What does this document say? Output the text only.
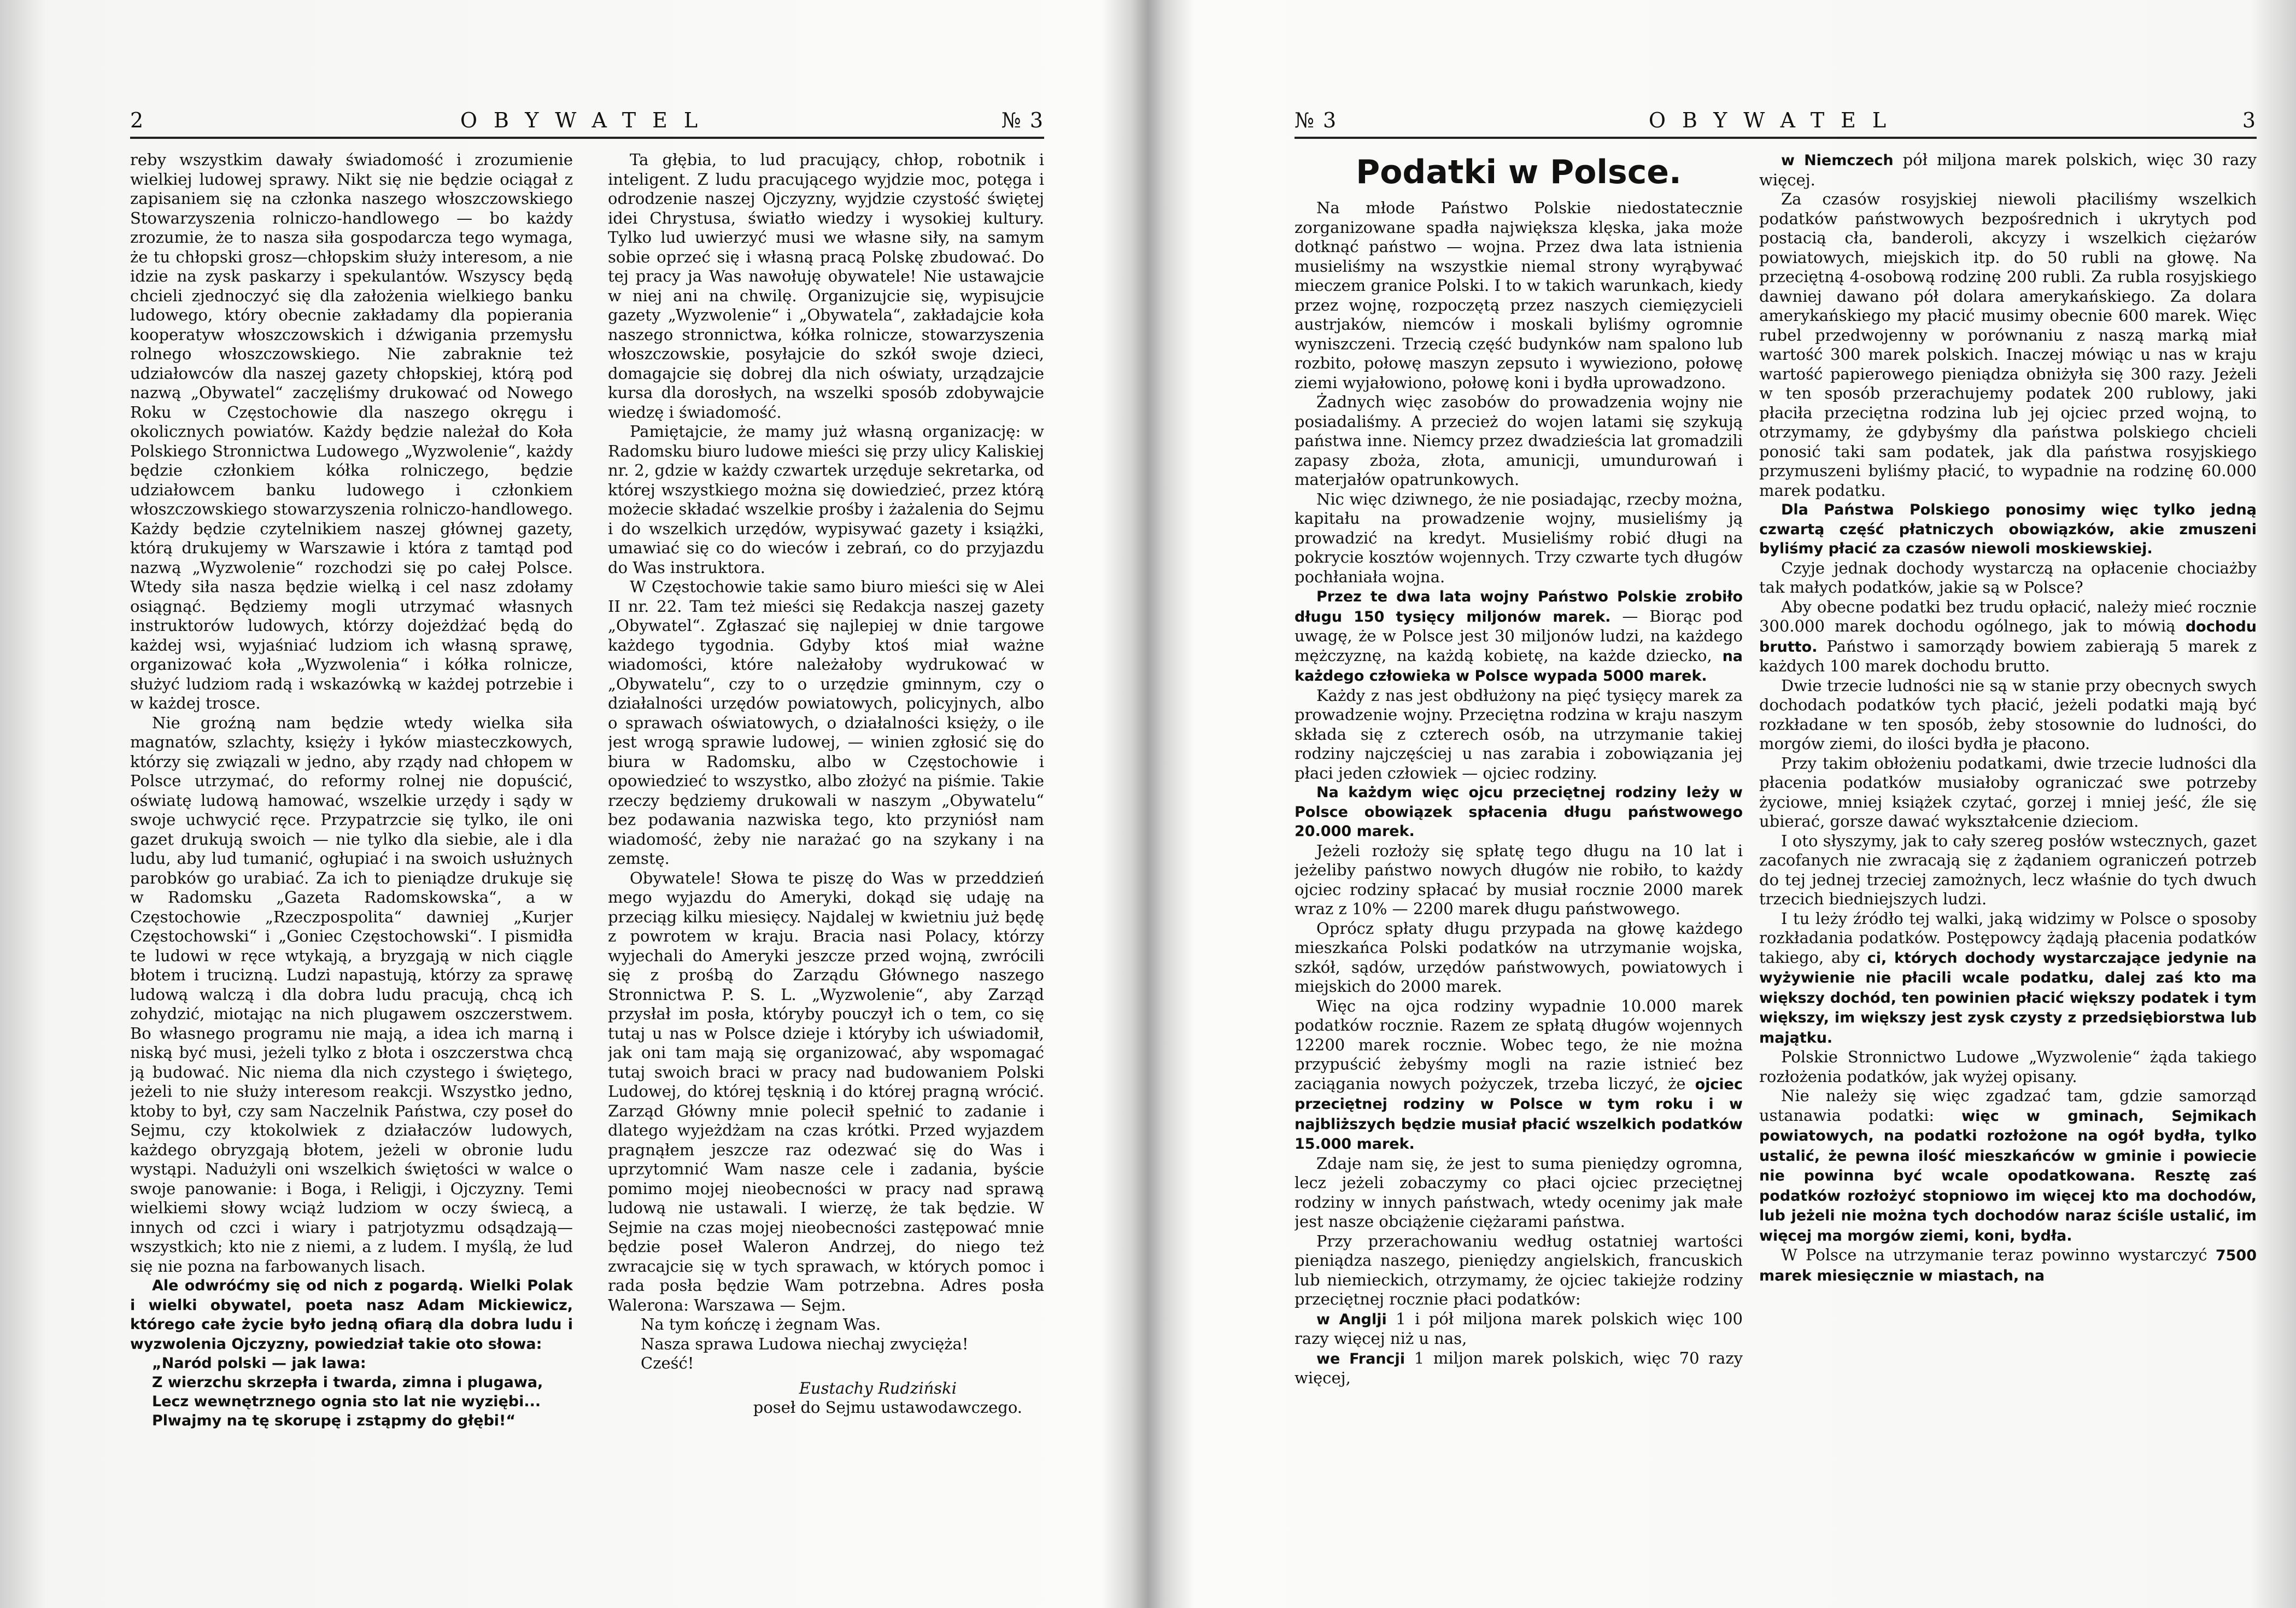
2	OBYWATEL	№ 3

reby wszystkim dawały świadomość i zrozumienie wielkiej ludowej sprawy. Nikt się nie będzie ociągał z zapisaniem się na członka naszego włoszczowskiego Stowarzyszenia rolniczo-handlowego — bo każdy zrozumie, że to nasza siła gospodarcza tego wymaga, że tu chłopski grosz—chłopskim służy interesom, a nie idzie na zysk paskarzy i spekulantów. Wszyscy będą chcieli zjednoczyć się dla założenia wielkiego banku ludowego, który obecnie zakładamy dla popierania kooperatyw włoszczowskich i dźwigania przemysłu rolnego włoszczowskiego. Nie zabraknie też udziałowców dla naszej gazety chłopskiej, którą pod nazwą „Obywatel“ zaczęliśmy drukować od Nowego Roku w Częstochowie dla naszego okręgu i okolicznych powiatów. Każdy będzie należał do Koła Polskiego Stronnictwa Ludowego „Wyzwolenie“, każdy będzie członkiem kółka rolniczego, będzie udziałowcem banku ludowego i członkiem włoszczowskiego stowarzyszenia rolniczo-handlowego. Każdy będzie czytelnikiem naszej głównej gazety, którą drukujemy w Warszawie i która z tamtąd pod nazwą „Wyzwolenie“ rozchodzi się po całej Polsce. Wtedy siła nasza będzie wielką i cel nasz zdołamy osiągnąć. Będziemy mogli utrzymać własnych instruktorów ludowych, którzy dojeżdżać będą do każdej wsi, wyjaśniać ludziom ich własną sprawę, organizować koła „Wyzwolenia“ i kółka rolnicze, służyć ludziom radą i wskazówką w każdej potrzebie i w każdej trosce.

Nie groźną nam będzie wtedy wielka siła magnatów, szlachty, księży i łyków miasteczkowych, którzy się związali w jedno, aby rządy nad chłopem w Polsce utrzymać, do reformy rolnej nie dopuścić, oświatę ludową hamować, wszelkie urzędy i sądy w swoje uchwycić ręce. Przypatrzcie się tylko, ile oni gazet drukują swoich — nie tylko dla siebie, ale i dla ludu, aby lud tumanić, ogłupiać i na swoich usłużnych parobków go urabiać. Za ich to pieniądze drukuje się w Radomsku „Gazeta Radomskowska“, a w Częstochowie „Rzeczpospolita“ dawniej „Kurjer Częstochowski“ i „Goniec Częstochowski“. I pismidła te ludowi w ręce wtykają, a bryzgają w nich ciągle błotem i trucizną. Ludzi napastują, którzy za sprawę ludową walczą i dla dobra ludu pracują, chcą ich zohydzić, miotając na nich plugawem oszczerstwem. Bo własnego programu nie mają, a idea ich marną i niską być musi, jeżeli tylko z błota i oszczerstwa chcą ją budować. Nic niema dla nich czystego i świętego, jeżeli to nie służy interesom reakcji. Wszystko jedno, ktoby to był, czy sam Naczelnik Państwa, czy poseł do Sejmu, czy ktokolwiek z działaczów ludowych, każdego obryzgają błotem, jeżeli w obronie ludu wystąpi. Nadużyli oni wszelkich świętości w walce o swoje panowanie: i Boga, i Religji, i Ojczyzny. Temi wielkiemi słowy wciąż ludziom w oczy świecą, a innych od czci i wiary i patrjotyzmu odsądzają—wszystkich; kto nie z niemi, a z ludem. I myślą, że lud się nie pozna na farbowanych lisach.

Ale odwróćmy się od nich z pogardą. Wielki Polak i wielki obywatel, poeta nasz Adam Mickiewicz, którego całe życie było jedną ofiarą dla dobra ludu i wyzwolenia Ojczyzny, powiedział takie oto słowa:

„Naród polski — jak lawa:
Z wierzchu skrzepła i twarda, zimna i plugawa,
Lecz wewnętrznego ognia sto lat nie wyziębi...
Plwajmy na tę skorupę i zstąpmy do głębi!“

Ta głębia, to lud pracujący, chłop, robotnik i inteligent. Z ludu pracującego wyjdzie moc, potęga i odrodzenie naszej Ojczyzny, wyjdzie czystość świętej idei Chrystusa, światło wiedzy i wysokiej kultury. Tylko lud uwierzyć musi we własne siły, na samym sobie oprzeć się i własną pracą Polskę zbudować. Do tej pracy ja Was nawołuję obywatele! Nie ustawajcie w niej ani na chwilę. Organizujcie się, wypisujcie gazety „Wyzwolenie“ i „Obywatela“, zakładajcie koła naszego stronnictwa, kółka rolnicze, stowarzyszenia włoszczowskie, posyłajcie do szkół swoje dzieci, domagajcie się dobrej dla nich oświaty, urządzajcie kursa dla dorosłych, na wszelki sposób zdobywajcie wiedzę i świadomość.

Pamiętajcie, że mamy już własną organizację: w Radomsku biuro ludowe mieści się przy ulicy Kaliskiej nr. 2, gdzie w każdy czwartek urzęduje sekretarka, od której wszystkiego można się dowiedzieć, przez którą możecie składać wszelkie prośby i żażalenia do Sejmu i do wszelkich urzędów, wypisywać gazety i książki, umawiać się co do wieców i zebrań, co do przyjazdu do Was instruktora.

W Częstochowie takie samo biuro mieści się w Alei II nr. 22. Tam też mieści się Redakcja naszej gazety „Obywatel“. Zgłaszać się najlepiej w dnie targowe każdego tygodnia. Gdyby ktoś miał ważne wiadomości, które należałoby wydrukować w „Obywatelu“, czy to o urzędzie gminnym, czy o działalności urzędów powiatowych, policyjnych, albo o sprawach oświatowych, o działalności księży, o ile jest wrogą sprawie ludowej, — winien zgłosić się do biura w Radomsku, albo w Częstochowie i opowiedzieć to wszystko, albo złożyć na piśmie. Takie rzeczy będziemy drukowali w naszym „Obywatelu“ bez podawania nazwiska tego, kto przyniósł nam wiadomość, żeby nie narażać go na szykany i na zemstę.

Obywatele! Słowa te piszę do Was w przeddzień mego wyjazdu do Ameryki, dokąd się udaję na przeciąg kilku miesięcy. Najdalej w kwietniu już będę z powrotem w kraju. Bracia nasi Polacy, którzy wyjechali do Ameryki jeszcze przed wojną, zwrócili się z prośbą do Zarządu Głównego naszego Stronnictwa P. S. L. „Wyzwolenie“, aby Zarząd przysłał im posła, któryby pouczył ich o tem, co się tutaj u nas w Polsce dzieje i któryby ich uświadomił, jak oni tam mają się organizować, aby wspomagać tutaj swoich braci w pracy nad budowaniem Polski Ludowej, do której tęsknią i do której pragną wrócić. Zarząd Główny mnie polecił spełnić to zadanie i dlatego wyjeżdżam na czas krótki. Przed wyjazdem pragnąłem jeszcze raz odezwać się do Was i uprzytomnić Wam nasze cele i zadania, byście pomimo mojej nieobecności w pracy nad sprawą ludową nie ustawali. I wierzę, że tak będzie. W Sejmie na czas mojej nieobecności zastępować mnie będzie poseł Waleron Andrzej, do niego też zwracajcie się w tych sprawach, w których pomoc i rada posła będzie Wam potrzebna. Adres posła Walerona: Warszawa — Sejm.

Na tym kończę i żegnam Was.

Nasza sprawa Ludowa niechaj zwycięża!

Cześć!

Eustachy Rudziński
poseł do Sejmu ustawodawczego.
№ 3	OBYWATEL	3
Podatki w Polsce.

Na młode Państwo Polskie niedostatecznie zorganizowane spadła największa klęska, jaka może dotknąć państwo — wojna. Przez dwa lata istnienia musieliśmy na wszystkie niemal strony wyrąbywać mieczem granice Polski. I to w takich warunkach, kiedy przez wojnę, rozpoczętą przez naszych ciemięzycieli austrjaków, niemców i moskali byliśmy ogromnie wyniszczeni. Trzecią część budynków nam spalono lub rozbito, połowę maszyn zepsuto i wywieziono, połowę ziemi wyjałowiono, połowę koni i bydła uprowadzono.

Żadnych więc zasobów do prowadzenia wojny nie posiadaliśmy. A przecież do wojen latami się szykują państwa inne. Niemcy przez dwadzieścia lat gromadzili zapasy zboża, złota, amunicji, umundurowań i materjałów opatrunkowych.

Nic więc dziwnego, że nie posiadając, rzecby można, kapitału na prowadzenie wojny, musieliśmy ją prowadzić na kredyt. Musieliśmy robić długi na pokrycie kosztów wojennych. Trzy czwarte tych długów pochłaniała wojna.

Przez te dwa lata wojny Państwo Polskie zrobiło długu 150 tysięcy miljonów marek. — Biorąc pod uwagę, że w Polsce jest 30 miljonów ludzi, na każdego mężczyznę, na każdą kobietę, na każde dziecko, na każdego człowieka w Polsce wypada 5000 marek.

Każdy z nas jest obdłużony na pięć tysięcy marek za prowadzenie wojny. Przeciętna rodzina w kraju naszym składa się z czterech osób, na utrzymanie takiej rodziny najczęściej u nas zarabia i zobowiązania jej płaci jeden człowiek — ojciec rodziny.

Na każdym więc ojcu przeciętnej rodziny leży w Polsce obowiązek spłacenia długu państwowego 20.000 marek.

Jeżeli rozłoży się spłatę tego długu na 10 lat i jeżeliby państwo nowych długów nie robiło, to każdy ojciec rodziny spłacać by musiał rocznie 2000 marek wraz z 10% — 2200 marek długu państwowego.

Oprócz spłaty długu przypada na głowę każdego mieszkańca Polski podatków na utrzymanie wojska, szkół, sądów, urzędów państwowych, powiatowych i miejskich do 2000 marek.

Więc na ojca rodziny wypadnie 10.000 marek podatków rocznie. Razem ze spłatą długów wojennych 12200 marek rocznie. Wobec tego, że nie można przypuścić żebyśmy mogli na razie istnieć bez zaciągania nowych pożyczek, trzeba liczyć, że ojciec przeciętnej rodziny w Polsce w tym roku i w najbliższych będzie musiał płacić wszelkich podatków 15.000 marek.

Zdaje nam się, że jest to suma pieniędzy ogromna, lecz jeżeli zobaczymy co płaci ojciec przeciętnej rodziny w innych państwach, wtedy ocenimy jak małe jest nasze obciążenie ciężarami państwa.

Przy przerachowaniu według ostatniej wartości pieniądza naszego, pieniędzy angielskich, francuskich lub niemieckich, otrzymamy, że ojciec takiejże rodziny przeciętnej rocznie płaci podatków:

w Anglji 1 i pół miljona marek polskich więc 100 razy więcej niż u nas,

we Francji 1 miljon marek polskich, więc 70 razy więcej,

w Niemczech pół miljona marek polskich, więc 30 razy więcej.

Za czasów rosyjskiej niewoli płaciliśmy wszelkich podatków państwowych bezpośrednich i ukrytych pod postacią cła, banderoli, akcyzy i wszelkich ciężarów powiatowych, miejskich itp. do 50 rubli na głowę. Na przeciętną 4-osobową rodzinę 200 rubli. Za rubla rosyjskiego dawniej dawano pół dolara amerykańskiego. Za dolara amerykańskiego my płacić musimy obecnie 600 marek. Więc rubel przedwojenny w porównaniu z naszą marką miał wartość 300 marek polskich. Inaczej mówiąc u nas w kraju wartość papierowego pieniądza obniżyła się 300 razy. Jeżeli w ten sposób przerachujemy podatek 200 rublowy, jaki płaciła przeciętna rodzina lub jej ojciec przed wojną, to otrzymamy, że gdybyśmy dla państwa polskiego chcieli ponosić taki sam podatek, jak dla państwa rosyjskiego przymuszeni byliśmy płacić, to wypadnie na rodzinę 60.000 marek podatku.

Dla Państwa Polskiego ponosimy więc tylko jedną czwartą część płatniczych obowiązków, akie zmuszeni byliśmy płacić za czasów niewoli moskiewskiej.

Czyje jednak dochody wystarczą na opłacenie chociażby tak małych podatków, jakie są w Polsce?

Aby obecne podatki bez trudu opłacić, należy mieć rocznie 300.000 marek dochodu ogólnego, jak to mówią dochodu brutto. Państwo i samorządy bowiem zabierają 5 marek z każdych 100 marek dochodu brutto.

Dwie trzecie ludności nie są w stanie przy obecnych swych dochodach podatków tych płacić, jeżeli podatki mają być rozkładane w ten sposób, żeby stosownie do ludności, do morgów ziemi, do ilości bydła je płacono.

Przy takim obłożeniu podatkami, dwie trzecie ludności dla płacenia podatków musiałoby ograniczać swe potrzeby życiowe, mniej książek czytać, gorzej i mniej jeść, źle się ubierać, gorsze dawać wykształcenie dzieciom.

I oto słyszymy, jak to cały szereg posłów wstecznych, gazet zacofanych nie zwracają się z żądaniem ograniczeń potrzeb do tej jednej trzeciej zamożnych, lecz właśnie do tych dwuch trzecich biedniejszych ludzi.

I tu leży źródło tej walki, jaką widzimy w Polsce o sposoby rozkładania podatków. Postępowcy żądają płacenia podatków takiego, aby ci, których dochody wystarczające jedynie na wyżywienie nie płacili wcale podatku, dalej zaś kto ma większy dochód, ten powinien płacić większy podatek i tym większy, im większy jest zysk czysty z przedsiębiorstwa lub majątku.

Polskie Stronnictwo Ludowe „Wyzwolenie“ żąda takiego rozłożenia podatków, jak wyżej opisany.

Nie należy się więc zgadzać tam, gdzie samorząd ustanawia podatki: więc w gminach, Sejmikach powiatowych, na podatki rozłożone na ogół bydła, tylko ustalić, że pewna ilość mieszkańców w gminie i powiecie nie powinna być wcale opodatkowana. Resztę zaś podatków rozłożyć stopniowo im więcej kto ma dochodów, lub jeżeli nie można tych dochodów naraz ściśle ustalić, im więcej ma morgów ziemi, koni, bydła.

W Polsce na utrzymanie teraz powinno wystarczyć 7500 marek miesięcznie w miastach, na
